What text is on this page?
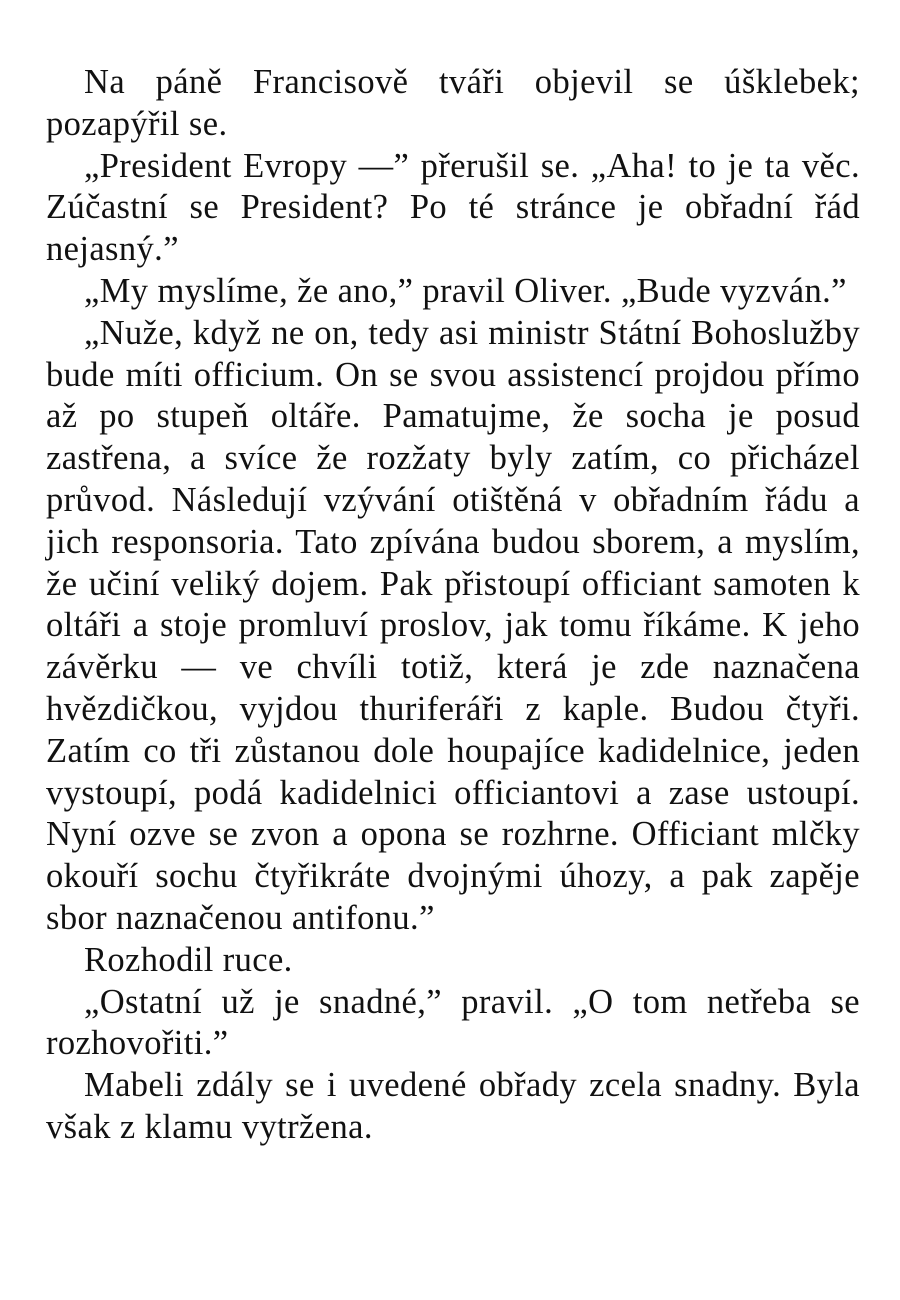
Na páně Francisově tváři objevil se úšklebek; pozapýřil se.

„President Evropy —” přerušil se. „Aha! to je ta věc. Zúčastní se President? Po té stránce je obřadní řád nejasný.”

„My myslíme, že ano,” pravil Oliver. „Bude vyzván.”

„Nuže, když ne on, tedy asi ministr Státní Bohoslužby bude míti officium. On se svou assistencí projdou přímo až po stupeň oltáře. Pamatujme, že socha je posud zastřena, a svíce že rozžaty byly zatím, co přicházel průvod. Následují vzývání otištěná v obřadním řádu a jich responsoria. Tato zpívána budou sborem, a myslím, že učiní veliký dojem. Pak přistoupí officiant samoten k oltáři a stoje promluví proslov, jak tomu říkáme. K jeho závěrku — ve chvíli totiž, která je zde naznačena hvězdičkou, vyjdou thuriferáři z kaple. Budou čtyři. Zatím co tři zůstanou dole houpajíce kadidelnice, jeden vystoupí, podá kadidelnici officiantovi a zase ustoupí. Nyní ozve se zvon a opona se rozhrne. Officiant mlčky okouří sochu čtyřikráte dvojnými úhozy, a pak zapěje sbor naznačenou antifonu.”

Rozhodil ruce.

„Ostatní už je snadné,” pravil. „O tom netřeba se rozhovořiti.”

Mabeli zdály se i uvedené obřady zcela snadny. Byla však z klamu vytržena.
